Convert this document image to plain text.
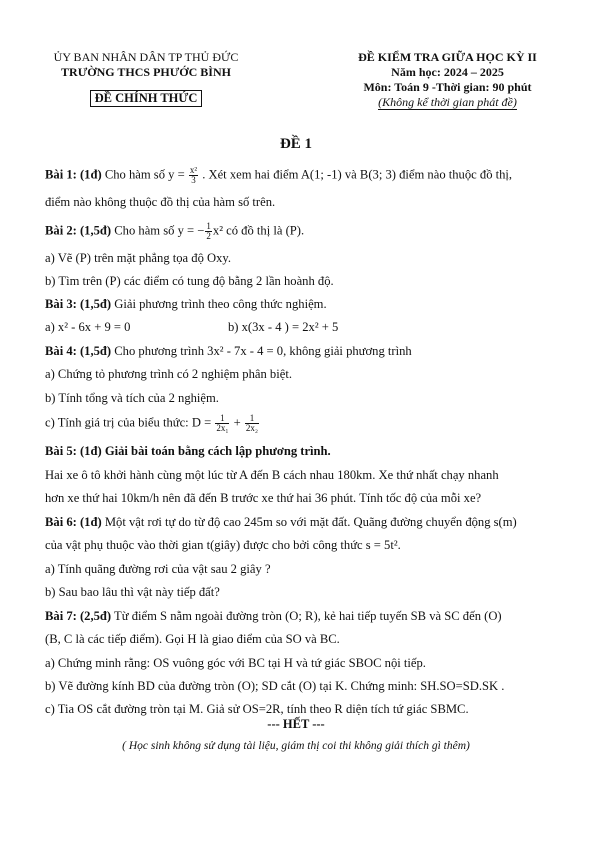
ỦY BAN NHÂN DÂN TP THỦ ĐỨC
TRƯỜNG THCS PHƯỚC BÌNH
ĐỀ CHÍNH THỨC
ĐỀ KIỂM TRA GIỮA HỌC KỲ II
Năm học: 2024 – 2025
Môn: Toán 9 -Thời gian: 90 phút
(Không kể thời gian phát đề)
ĐỀ 1
Bài 1: (1đ) Cho hàm số $y = \frac{\text{x²}}{3}$ . Xét xem hai điểm A(1; -1) và B(3; 3) điểm nào thuộc đồ thị,
điểm nào không thuộc đồ thị của hàm số trên.
Bài 2: (1,5đ) Cho hàm số y = − $\frac{1}{2} x^2$ có đồ thị là (P).
a) Vẽ (P) trên mặt phẳng tọa độ Oxy.
b) Tìm trên (P) các điểm có tung độ bằng 2 lần hoành độ.
Bài 3: (1,5đ) Giải phương trình theo công thức nghiệm.
a) x² - 6x + 9 = 0	b) x(3x - 4 ) = 2x² + 5
Bài 4: (1,5đ) Cho phương trình 3x² - 7x - 4 = 0, không giải phương trình
a) Chứng tỏ phương trình có 2 nghiệm phân biệt.
b) Tính tổng và tích của 2 nghiệm.
c) Tính giá trị của biểu thức: $D = \frac{1}{\text{2x₁}} + \frac{1}{\text{2x₂}}$
Bài 5: (1đ) Giải bài toán bằng cách lập phương trình.
Hai xe ô tô khởi hành cùng một lúc từ A đến B cách nhau 180km. Xe thứ nhất chạy nhanh
hơn xe thứ hai 10km/h nên đã đến B trước xe thứ hai 36 phút. Tính tốc độ của mỗi xe?
Bài 6: (1đ) Một vật rơi tự do từ độ cao 245m so với mặt đất. Quãng đường chuyển động s(m)
của vật phụ thuộc vào thời gian t(giây) được cho bởi công thức s = 5t².
a) Tính quãng đường rơi của vật sau 2 giây ?
b) Sau bao lâu thì vật này tiếp đất?
Bài 7: (2,5đ) Từ điểm S nằm ngoài đường tròn (O; R), kẻ hai tiếp tuyến SB và SC đến (O)
(B, C là các tiếp điểm). Gọi H là giao điểm của SO và BC.
a) Chứng minh rằng: OS vuông góc với BC tại H và tứ giác SBOC nội tiếp.
b) Vẽ đường kính BD của đường tròn (O); SD cắt (O) tại K. Chứng minh: SH.SO=SD.SK .
c) Tia OS cắt đường tròn tại M. Giả sử OS=2R, tính theo R diện tích tứ giác SBMC.
--- HẾT ---
( Học sinh không sử dụng tài liệu, giám thị coi thi không giải thích gì thêm)
